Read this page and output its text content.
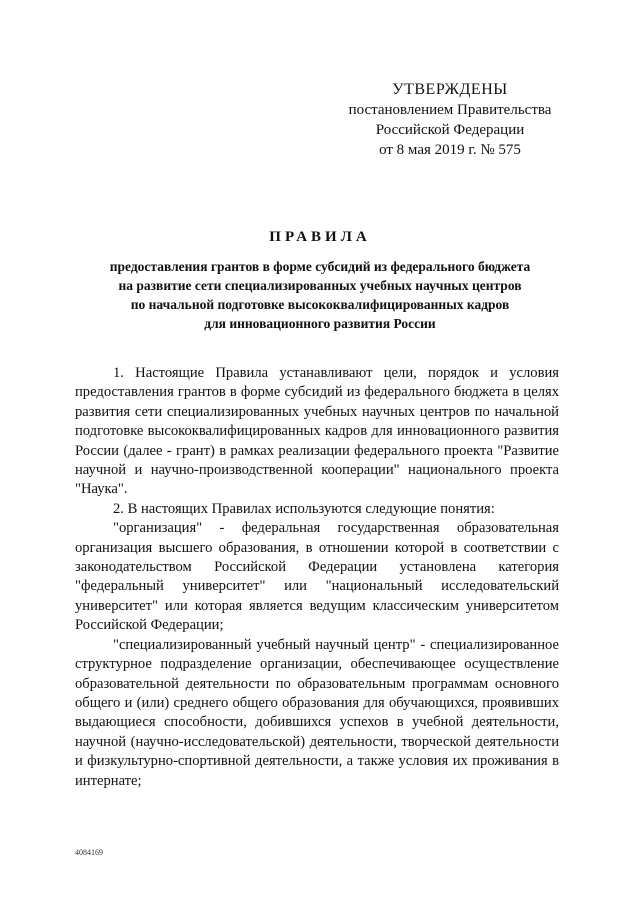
УТВЕРЖДЕНЫ
постановлением Правительства
Российской Федерации
от 8 мая 2019 г. № 575
ПРАВИЛА
предоставления грантов в форме субсидий из федерального бюджета
на развитие сети специализированных учебных научных центров
по начальной подготовке высококвалифицированных кадров
для инновационного развития России

1. Настоящие Правила устанавливают цели, порядок и условия предоставления грантов в форме субсидий из федерального бюджета в целях развития сети специализированных учебных научных центров по начальной подготовке высококвалифицированных кадров для инновационного развития России (далее - грант) в рамках реализации федерального проекта "Развитие научной и научно-производственной кооперации" национального проекта "Наука".

2. В настоящих Правилах используются следующие понятия:

"организация" - федеральная государственная образовательная организация высшего образования, в отношении которой в соответствии с законодательством Российской Федерации установлена категория "федеральный университет" или "национальный исследовательский университет" или которая является ведущим классическим университетом Российской Федерации;

"специализированный учебный научный центр" - специализированное структурное подразделение организации, обеспечивающее осуществление образовательной деятельности по образовательным программам основного общего и (или) среднего общего образования для обучающихся, проявивших выдающиеся способности, добившихся успехов в учебной деятельности, научной (научно-исследовательской) деятельности, творческой деятельности и физкультурно-спортивной деятельности, а также условия их проживания в интернате;

4084169
